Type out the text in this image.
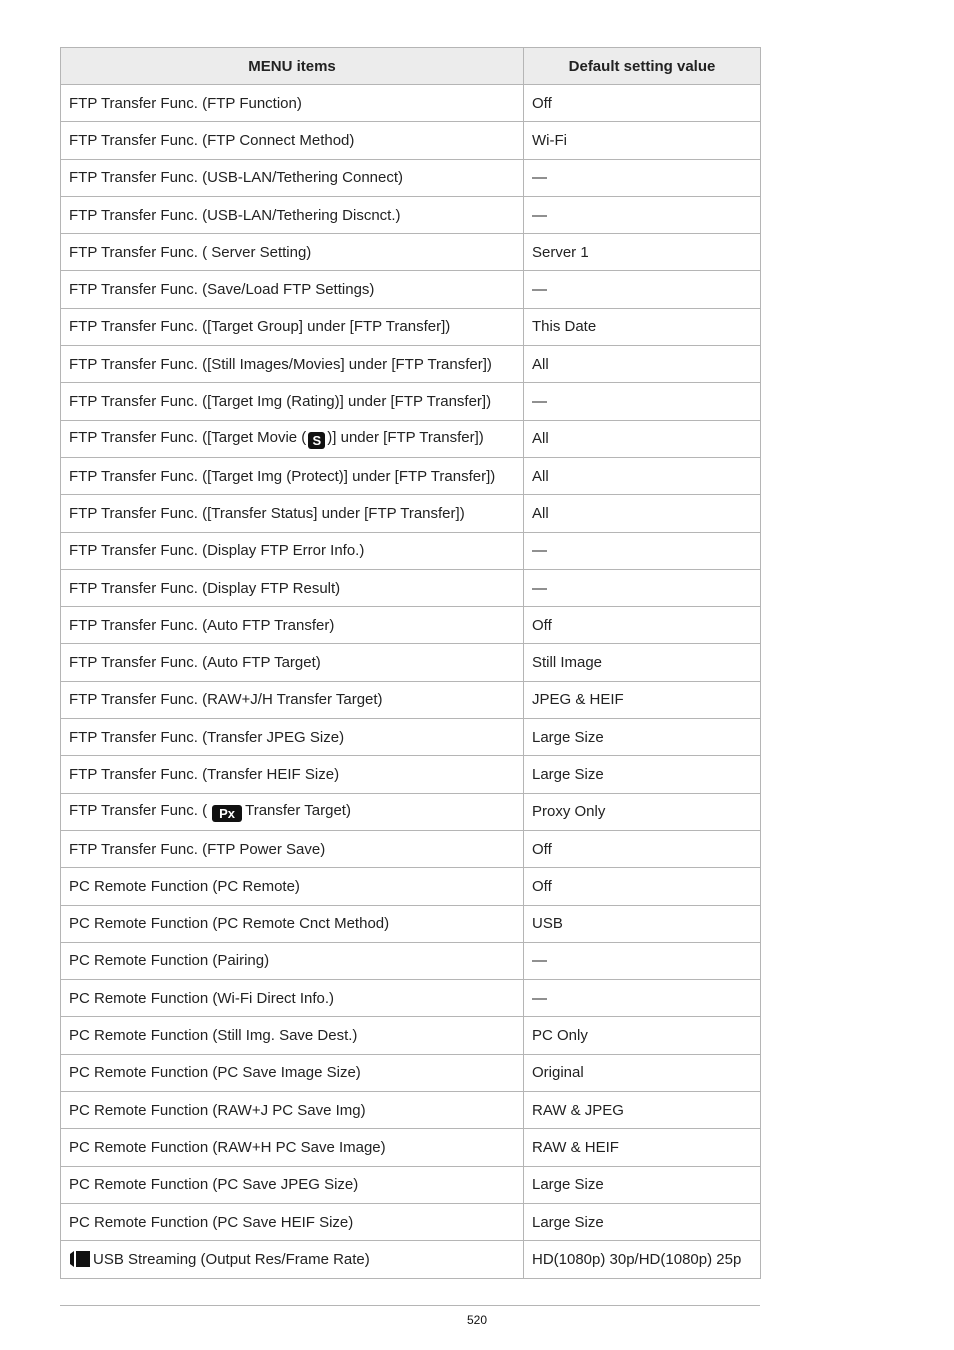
MENU items	Default setting value
FTP Transfer Func. (FTP Function)	Off
FTP Transfer Func. (FTP Connect Method)	Wi-Fi
FTP Transfer Func. (USB-LAN/Tethering Connect)	—
FTP Transfer Func. (USB-LAN/Tethering Discnct.)	—
FTP Transfer Func. ( Server Setting)	Server 1
FTP Transfer Func. (Save/Load FTP Settings)	—
FTP Transfer Func. ([Target Group] under [FTP Transfer])	This Date
FTP Transfer Func. ([Still Images/Movies] under [FTP Transfer])	All
FTP Transfer Func. ([Target Img (Rating)] under [FTP Transfer])	—
FTP Transfer Func. ([Target Movie ( S )] under [FTP Transfer])	All
FTP Transfer Func. ([Target Img (Protect)] under [FTP Transfer])	All
FTP Transfer Func. ([Transfer Status] under [FTP Transfer])	All
FTP Transfer Func. (Display FTP Error Info.)	—
FTP Transfer Func. (Display FTP Result)	—
FTP Transfer Func. (Auto FTP Transfer)	Off
FTP Transfer Func. (Auto FTP Target)	Still Image
FTP Transfer Func. (RAW+J/H Transfer Target)	JPEG & HEIF
FTP Transfer Func. (Transfer JPEG Size)	Large Size
FTP Transfer Func. (Transfer HEIF Size)	Large Size
FTP Transfer Func. ( Px Transfer Target)	Proxy Only
FTP Transfer Func. (FTP Power Save)	Off
PC Remote Function (PC Remote)	Off
PC Remote Function (PC Remote Cnct Method)	USB
PC Remote Function (Pairing)	—
PC Remote Function (Wi-Fi Direct Info.)	—
PC Remote Function (Still Img. Save Dest.)	PC Only
PC Remote Function (PC Save Image Size)	Original
PC Remote Function (RAW+J PC Save Img)	RAW & JPEG
PC Remote Function (RAW+H PC Save Image)	RAW & HEIF
PC Remote Function (PC Save JPEG Size)	Large Size
PC Remote Function (PC Save HEIF Size)	Large Size
USB Streaming (Output Res/Frame Rate)	HD(1080p) 30p/HD(1080p) 25p
520
